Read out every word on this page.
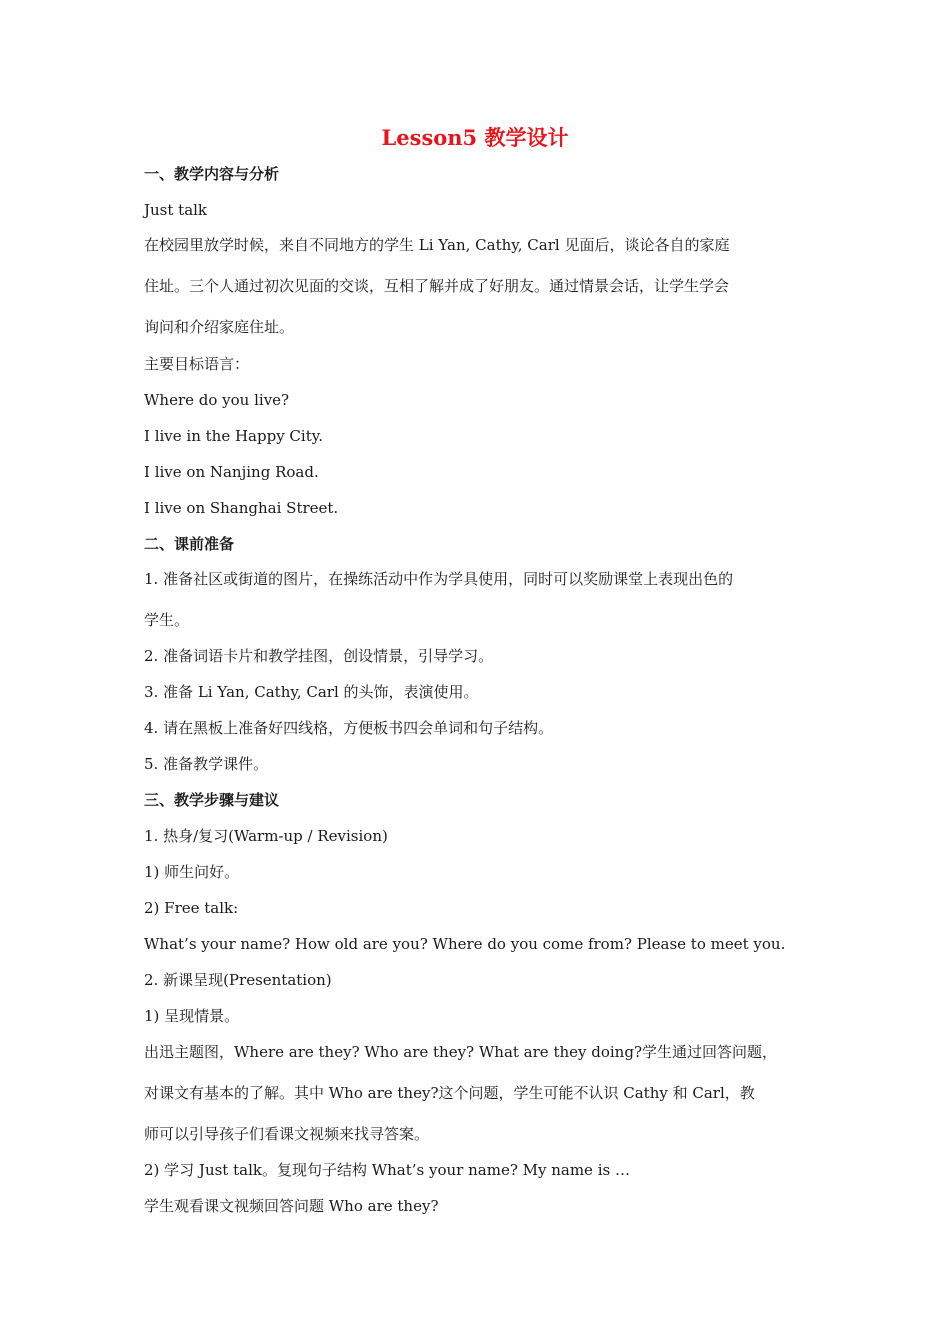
Lesson5 教学设计
一、教学内容与分析
Just talk
在校园里放学时候，来自不同地方的学生 Li Yan, Cathy, Carl 见面后，谈论各自的家庭
住址。三个人通过初次见面的交谈，互相了解并成了好朋友。通过情景会话，让学生学会
询问和介绍家庭住址。
主要目标语言：
Where do you live?
I live in the Happy City.
I live on Nanjing Road.
I live on Shanghai Street.
二、课前准备
1. 准备社区或街道的图片，在操练活动中作为学具使用，同时可以奖励课堂上表现出色的
学生。
2. 准备词语卡片和教学挂图，创设情景，引导学习。
3. 准备 Li Yan, Cathy, Carl 的头饰，表演使用。
4. 请在黑板上准备好四线格，方便板书四会单词和句子结构。
5. 准备教学课件。
三、教学步骤与建议
1. 热身/复习(Warm-up / Revision)
1) 师生问好。
2) Free talk:
What’s your name? How old are you? Where do you come from? Please to meet you.
2. 新课呈现(Presentation)
1) 呈现情景。
出迅主题图，Where are they? Who are they? What are they doing?学生通过回答问题，
对课文有基本的了解。其中 Who are they?这个问题，学生可能不认识 Cathy 和 Carl，教
师可以引导孩子们看课文视频来找寻答案。
2) 学习 Just talk。复现句子结构 What’s your name? My name is …
学生观看课文视频回答问题 Who are they?
